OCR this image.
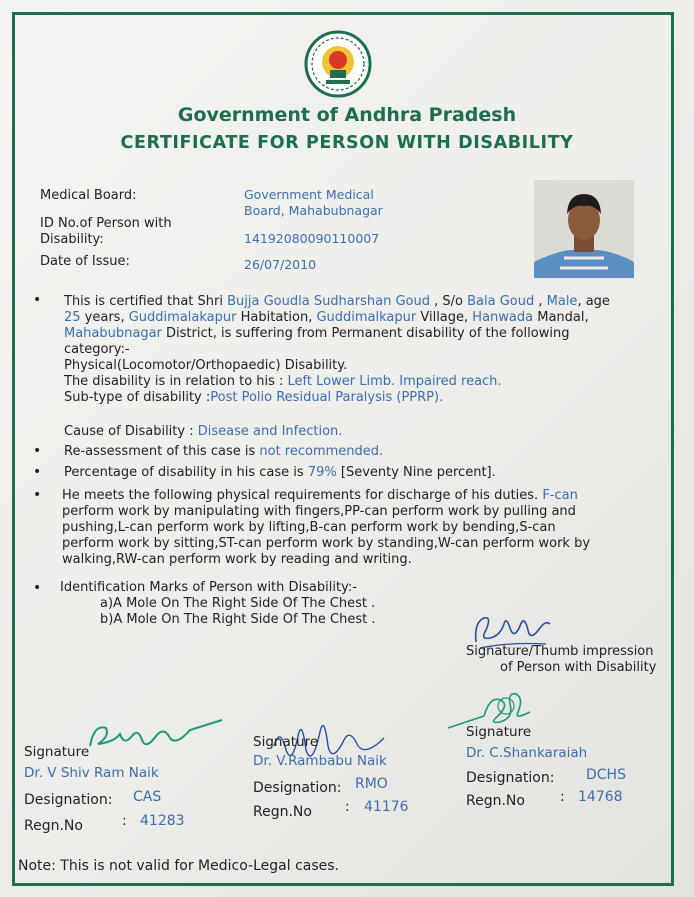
Government of Andhra Pradesh
CERTIFICATE FOR PERSON WITH DISABILITY
Medical Board:	Government Medical
Board, Mahabubnagar
ID No.of Person with
Disability:	14192080090110007
Date of Issue:	26/07/2010
• This is certified that Shri Bujja Goudla Sudharshan Goud , S/o Bala Goud , Male, age
25 years, Guddimalakapur Habitation, Guddimalkapur Village, Hanwada Mandal,
Mahabubnagar District, is suffering from Permanent disability of the following
category:-
Physical(Locomotor/Orthopaedic) Disability.
The disability is in relation to his : Left Lower Limb. Impaired reach.
Sub-type of disability :Post Polio Residual Paralysis (PPRP).
Cause of Disability : Disease and Infection.
• Re-assessment of this case is not recommended.
• Percentage of disability in his case is 79% [Seventy Nine percent].
• He meets the following physical requirements for discharge of his duties. F-can
perform work by manipulating with fingers,PP-can perform work by pulling and
pushing,L-can perform work by lifting,B-can perform work by bending,S-can
perform work by sitting,ST-can perform work by standing,W-can perform work by
walking,RW-can perform work by reading and writing.
• Identification Marks of Person with Disability:-
a)A Mole On The Right Side Of The Chest .
b)A Mole On The Right Side Of The Chest .
Signature/Thumb impression
of Person with Disability
Signature
Dr. V Shiv Ram Naik
Designation: CAS
Regn.No	: 41283
Signature
Dr. V.Rambabu Naik
Designation: RMO
Regn.No : 41176
Signature
Dr. C.Shankaraiah
Designation: DCHS
Regn.No	: 14768
Note: This is not valid for Medico-Legal cases.
